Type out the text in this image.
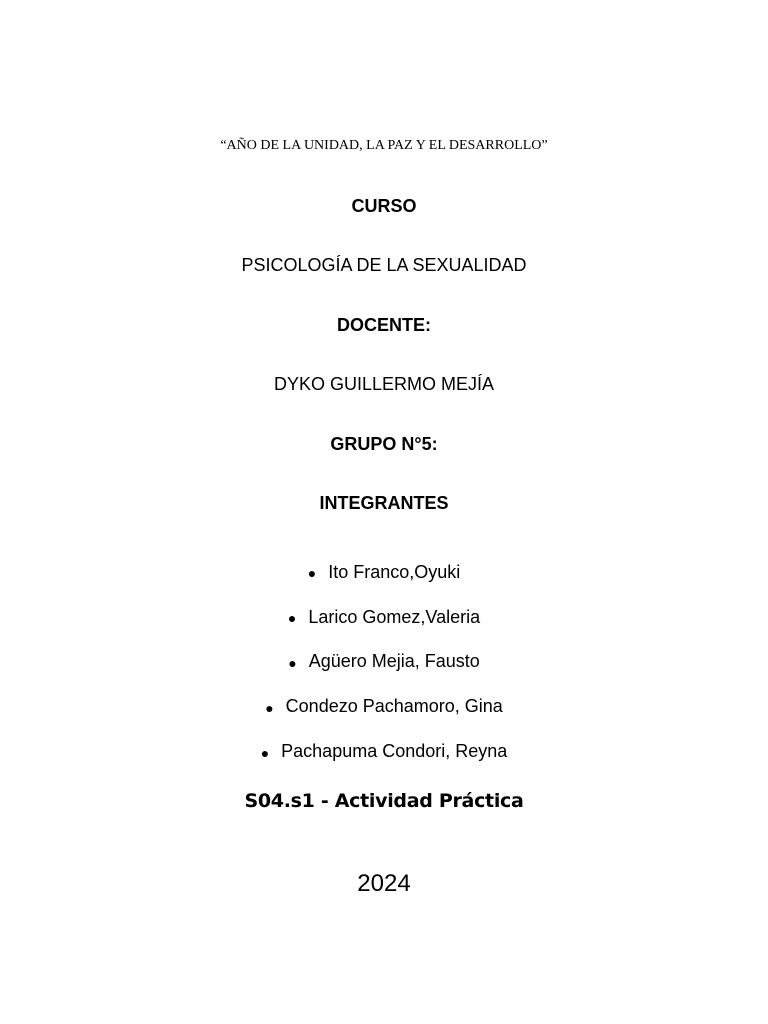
“AÑO DE LA UNIDAD, LA PAZ Y EL DESARROLLO”
CURSO
PSICOLOGÍA DE LA SEXUALIDAD
DOCENTE:
DYKO GUILLERMO MEJÍA
GRUPO N°5:
INTEGRANTES
● Ito Franco,Oyuki
● Larico Gomez,Valeria
● Agüero Mejia, Fausto
● Condezo Pachamoro, Gina
● Pachapuma Condori, Reyna
S04.s1 - Actividad Práctica
2024
